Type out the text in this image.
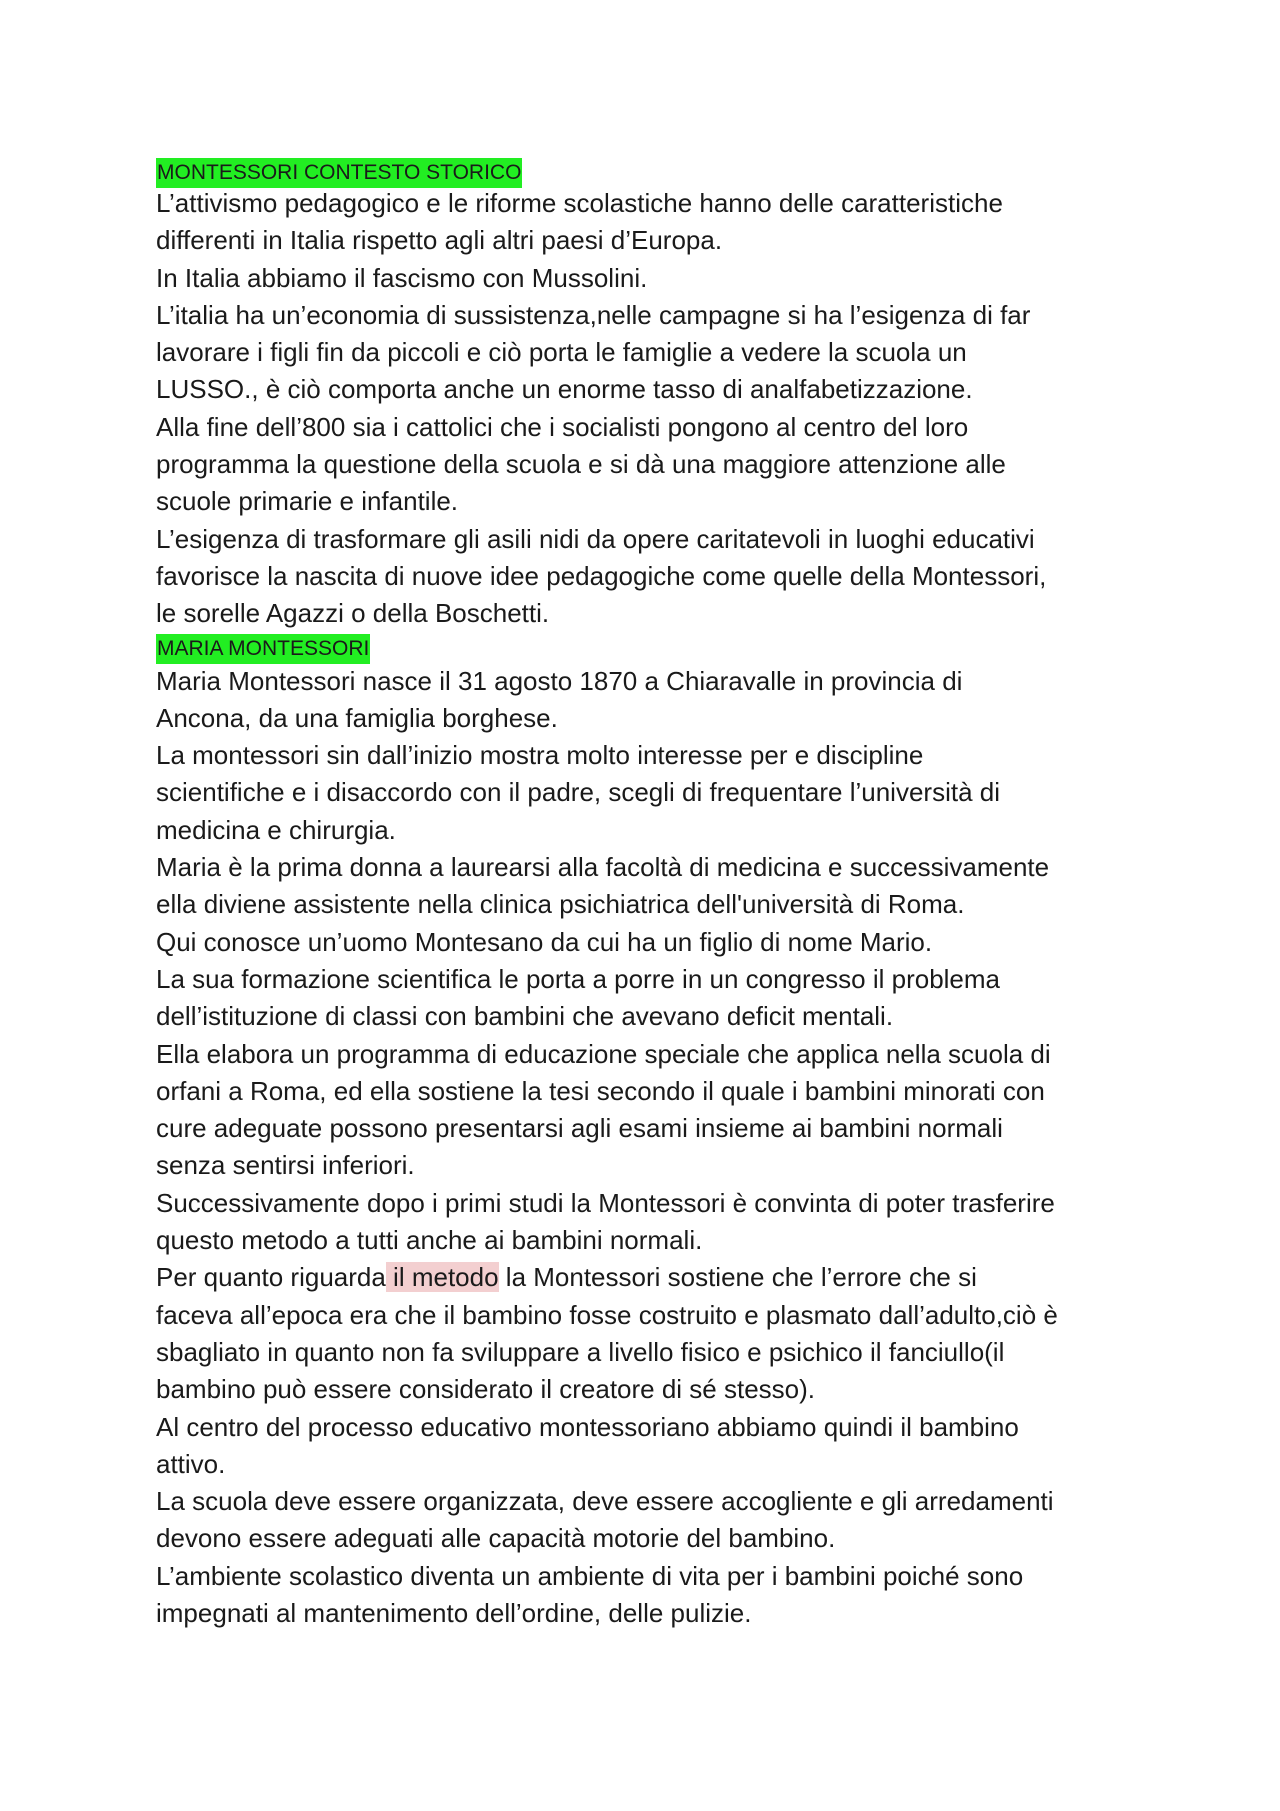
MONTESSORI CONTESTO STORICO
L’attivismo pedagogico e le riforme scolastiche hanno delle caratteristiche
differenti in Italia rispetto agli altri paesi d’Europa.
In Italia abbiamo il fascismo con Mussolini.
L’italia ha un’economia di sussistenza,nelle campagne si ha l’esigenza di far
lavorare i figli fin da piccoli e ciò porta le famiglie a vedere la scuola un
LUSSO., è ciò comporta anche un enorme tasso di analfabetizzazione.
Alla fine dell’800 sia i cattolici che i socialisti pongono al centro del loro
programma la questione della scuola e si dà una maggiore attenzione alle
scuole primarie e infantile.
L’esigenza di trasformare gli asili nidi da opere caritatevoli in luoghi educativi
favorisce la nascita di nuove idee pedagogiche come quelle della Montessori,
le sorelle Agazzi o della Boschetti.
MARIA MONTESSORI
Maria Montessori nasce il 31 agosto 1870 a Chiaravalle in provincia di
Ancona, da una famiglia borghese.
La montessori sin dall’inizio mostra molto interesse per e discipline
scientifiche e i disaccordo con il padre, scegli di frequentare l’università di
medicina e chirurgia.
Maria è la prima donna a laurearsi alla facoltà di medicina e successivamente
ella diviene assistente nella clinica psichiatrica dell'università di Roma.
Qui conosce un’uomo Montesano da cui ha un figlio di nome Mario.
La sua formazione scientifica le porta a porre in un congresso il problema
dell’istituzione di classi con bambini che avevano deficit mentali.
Ella elabora un programma di educazione speciale che applica nella scuola di
orfani a Roma, ed ella sostiene la tesi secondo il quale i bambini minorati con
cure adeguate possono presentarsi agli esami insieme ai bambini normali
senza sentirsi inferiori.
Successivamente dopo i primi studi la Montessori è convinta di poter trasferire
questo metodo a tutti anche ai bambini normali.
Per quanto riguarda il metodo la Montessori sostiene che l’errore che si
faceva all’epoca era che il bambino fosse costruito e plasmato dall’adulto,ciò è
sbagliato in quanto non fa sviluppare a livello fisico e psichico il fanciullo(il
bambino può essere considerato il creatore di sé stesso).
Al centro del processo educativo montessoriano abbiamo quindi il bambino
attivo.
La scuola deve essere organizzata, deve essere accogliente e gli arredamenti
devono essere adeguati alle capacità motorie del bambino.
L’ambiente scolastico diventa un ambiente di vita per i bambini poiché sono
impegnati al mantenimento dell’ordine, delle pulizie.
